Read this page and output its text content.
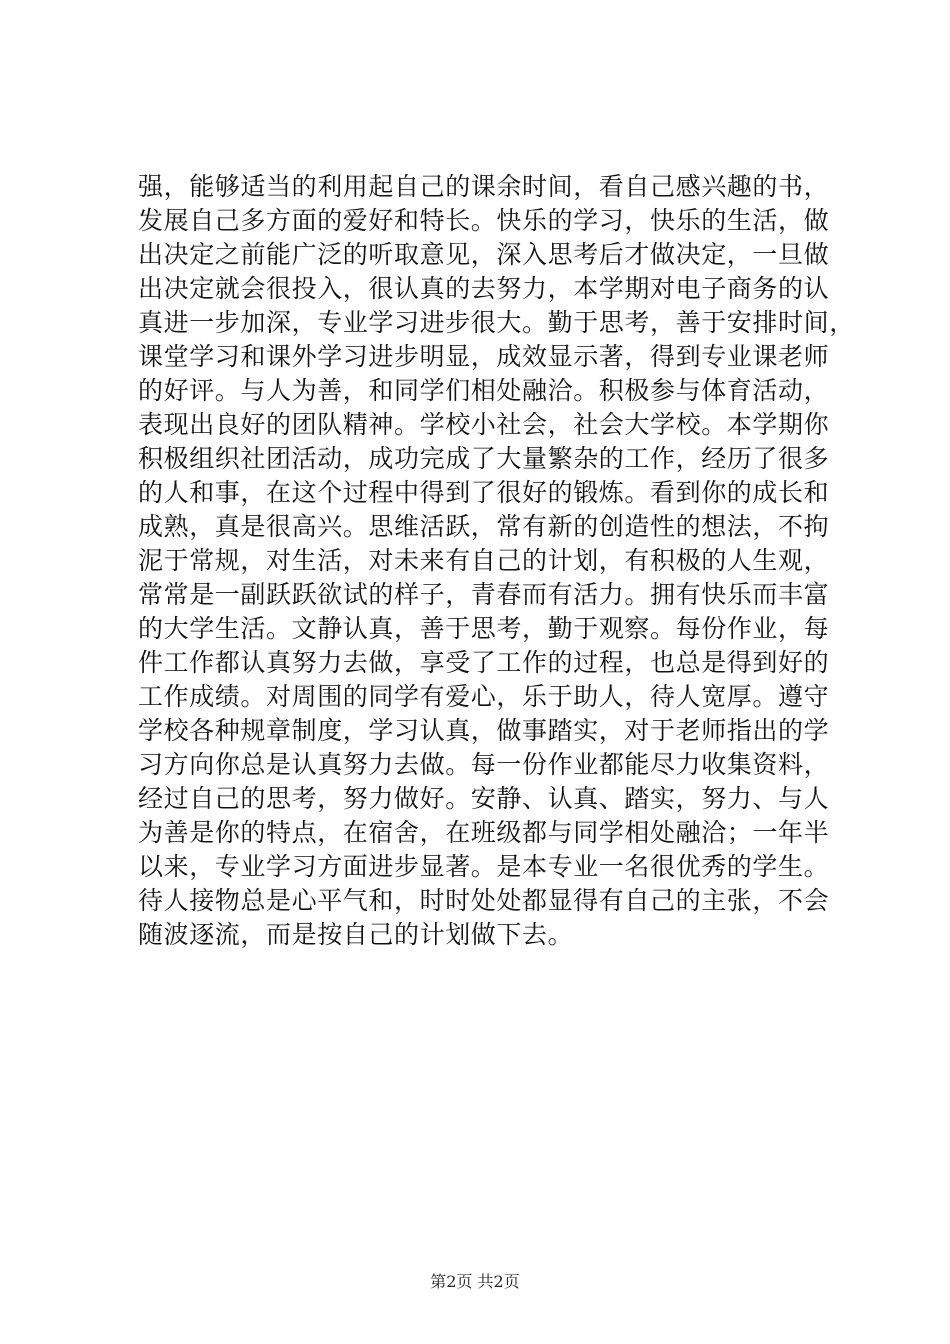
强，能够适当的利用起自己的课余时间，看自己感兴趣的书，
发展自己多方面的爱好和特长。快乐的学习，快乐的生活，做
出决定之前能广泛的听取意见，深入思考后才做决定，一旦做
出决定就会很投入，很认真的去努力，本学期对电子商务的认
真进一步加深，专业学习进步很大。勤于思考，善于安排时间，
课堂学习和课外学习进步明显，成效显示著，得到专业课老师
的好评。与人为善，和同学们相处融洽。积极参与体育活动，
表现出良好的团队精神。学校小社会，社会大学校。本学期你
积极组织社团活动，成功完成了大量繁杂的工作，经历了很多
的人和事，在这个过程中得到了很好的锻炼。看到你的成长和
成熟，真是很高兴。思维活跃，常有新的创造性的想法，不拘
泥于常规，对生活，对未来有自己的计划，有积极的人生观，
常常是一副跃跃欲试的样子，青春而有活力。拥有快乐而丰富
的大学生活。文静认真，善于思考，勤于观察。每份作业，每
件工作都认真努力去做，享受了工作的过程，也总是得到好的
工作成绩。对周围的同学有爱心，乐于助人，待人宽厚。遵守
学校各种规章制度，学习认真，做事踏实，对于老师指出的学
习方向你总是认真努力去做。每一份作业都能尽力收集资料，
经过自己的思考，努力做好。安静、认真、踏实，努力、与人
为善是你的特点，在宿舍，在班级都与同学相处融洽；一年半
以来，专业学习方面进步显著。是本专业一名很优秀的学生。
待人接物总是心平气和，时时处处都显得有自己的主张，不会
随波逐流，而是按自己的计划做下去。
第2页 共2页
